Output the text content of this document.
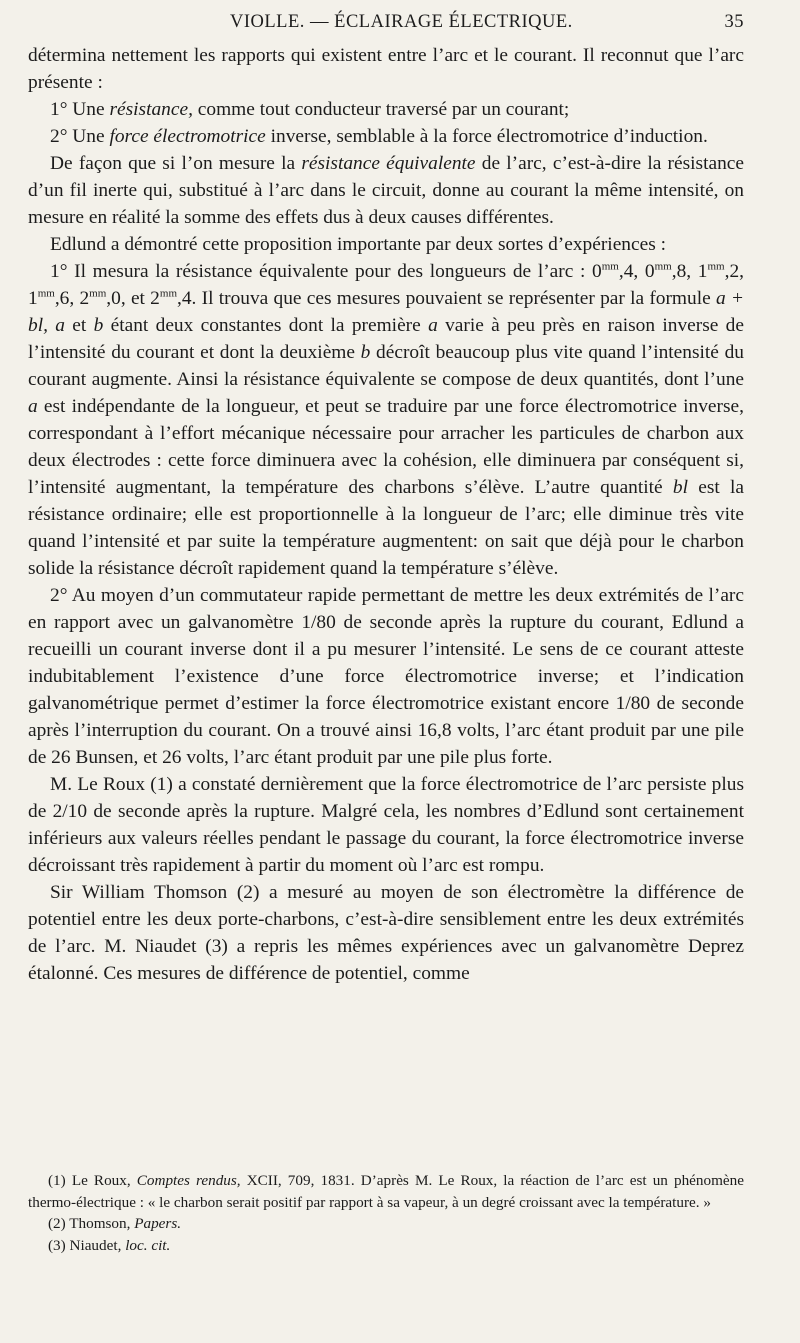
VIOLLE. — ÉCLAIRAGE ÉLECTRIQUE.	35

détermina nettement les rapports qui existent entre l’arc et le courant. Il reconnut que l’arc présente :

1° Une résistance, comme tout conducteur traversé par un courant;

2° Une force électromotrice inverse, semblable à la force électromotrice d’induction.

De façon que si l’on mesure la résistance équivalente de l’arc, c’est-à-dire la résistance d’un fil inerte qui, substitué à l’arc dans le circuit, donne au courant la même intensité, on mesure en réalité la somme des effets dus à deux causes différentes.

Edlund a démontré cette proposition importante par deux sortes d’expériences :

1° Il mesura la résistance équivalente pour des longueurs de l’arc : $0^{mm},4$, $0^{mm},8$, $1^{mm},2$, $1^{mm},6$, $2^{mm},0$, et $2^{mm},4$. Il trouva que ces mesures pouvaient se représenter par la formule a + bl, a et b étant deux constantes dont la première a varie à peu près en raison inverse de l’intensité du courant et dont la deuxième b décroît beaucoup plus vite quand l’intensité du courant augmente. Ainsi la résistance équivalente se compose de deux quantités, dont l’une a est indépendante de la longueur, et peut se traduire par une force électromotrice inverse, correspondant à l’effort mécanique nécessaire pour arracher les particules de charbon aux deux électrodes : cette force diminuera avec la cohésion, elle diminuera par conséquent si, l’intensité augmentant, la température des charbons s’élève. L’autre quantité bl est la résistance ordinaire; elle est proportionnelle à la longueur de l’arc; elle diminue très vite quand l’intensité et par suite la température augmentent: on sait que déjà pour le charbon solide la résistance décroît rapidement quand la température s’élève.

2° Au moyen d’un commutateur rapide permettant de mettre les deux extrémités de l’arc en rapport avec un galvanomètre 1/80 de seconde après la rupture du courant, Edlund a recueilli un courant inverse dont il a pu mesurer l’intensité. Le sens de ce courant atteste indubitablement l’existence d’une force électromotrice inverse; et l’indication galvanométrique permet d’estimer la force électromotrice existant encore 1/80 de seconde après l’interruption du courant. On a trouvé ainsi 16,8 volts, l’arc étant produit par une pile de 26 Bunsen, et 26 volts, l’arc étant produit par une pile plus forte.

M. Le Roux (1) a constaté dernièrement que la force électromotrice de l’arc persiste plus de 2/10 de seconde après la rupture. Malgré cela, les nombres d’Edlund sont certainement inférieurs aux valeurs réelles pendant le passage du courant, la force électromotrice inverse décroissant très rapidement à partir du moment où l’arc est rompu.

Sir William Thomson (2) a mesuré au moyen de son électromètre la différence de potentiel entre les deux porte-charbons, c’est-à-dire sensiblement entre les deux extrémités de l’arc. M. Niaudet (3) a repris les mêmes expériences avec un galvanomètre Deprez étalonné. Ces mesures de différence de potentiel, comme

(1) Le Roux, Comptes rendus, XCII, 709, 1831. D’après M. Le Roux, la réaction de l’arc est un phénomène thermo-électrique : « le charbon serait positif par rapport à sa vapeur, à un degré croissant avec la température. »

(2) Thomson, Papers.

(3) Niaudet, loc. cit.
